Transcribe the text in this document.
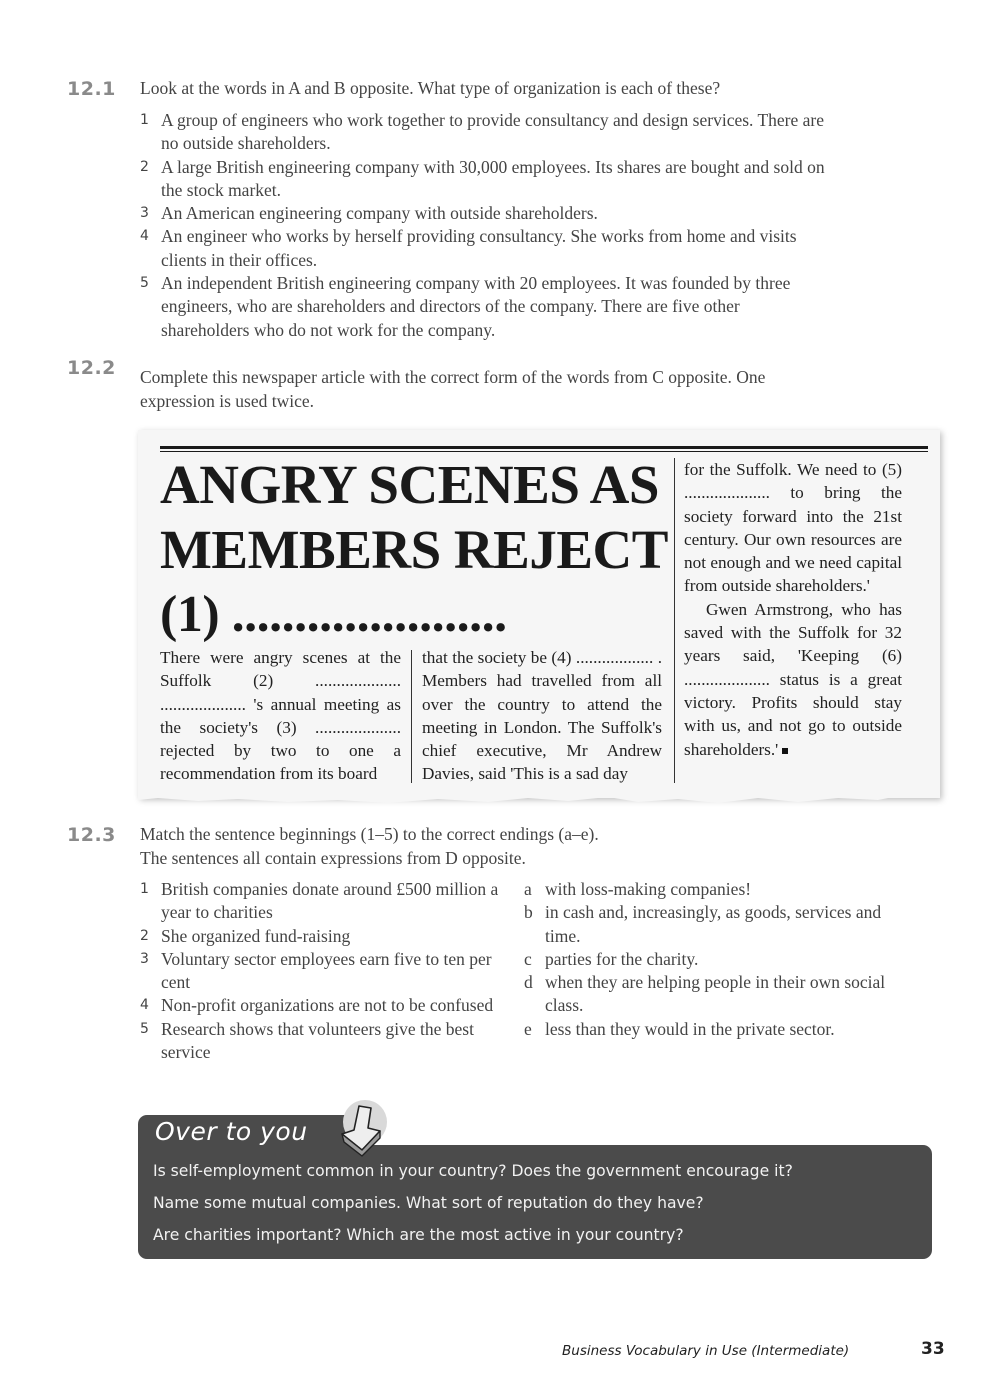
12.1 Look at the words in A and B opposite. What type of organization is each of these?
1 A group of engineers who work together to provide consultancy and design services. There are no outside shareholders.
2 A large British engineering company with 30,000 employees. Its shares are bought and sold on the stock market.
3 An American engineering company with outside shareholders.
4 An engineer who works by herself providing consultancy. She works from home and visits clients in their offices.
5 An independent British engineering company with 20 employees. It was founded by three engineers, who are shareholders and directors of the company. There are five other shareholders who do not work for the company.
12.2 Complete this newspaper article with the correct form of the words from C opposite. One expression is used twice.
ANGRY SCENES AS
MEMBERS REJECT
(1) ......................

There were angry scenes at the Suffolk (2) .................... .................... 's annual meeting as the society's (3) .................... rejected by two to one a recommendation from its board

that the society be (4) .................. . Members had travelled from all over the country to attend the meeting in London. The Suffolk's chief executive, Mr Andrew Davies, said 'This is a sad day

for the Suffolk. We need to (5) .................... to bring the society forward into the 21st century. Our own resources are not enough and we need capital from outside shareholders.'

Gwen Armstrong, who has saved with the Suffolk for 32 years said, 'Keeping (6) .................... status is a great victory. Profits should stay with us, and not go to outside shareholders.'

12.3 Match the sentence beginnings (1–5) to the correct endings (a–e).
The sentences all contain expressions from D opposite.
1 British companies donate around £500 million a year to charities
2 She organized fund-raising
3 Voluntary sector employees earn five to ten per cent
4 Non-profit organizations are not to be confused
5 Research shows that volunteers give the best service
a with loss-making companies!
b in cash and, increasingly, as goods, services and time.
c parties for the charity.
d when they are helping people in their own social class.
e less than they would in the private sector.
Over to you
Is self-employment common in your country? Does the government encourage it?
Name some mutual companies. What sort of reputation do they have?
Are charities important? Which are the most active in your country?
Business Vocabulary in Use (Intermediate)	33
